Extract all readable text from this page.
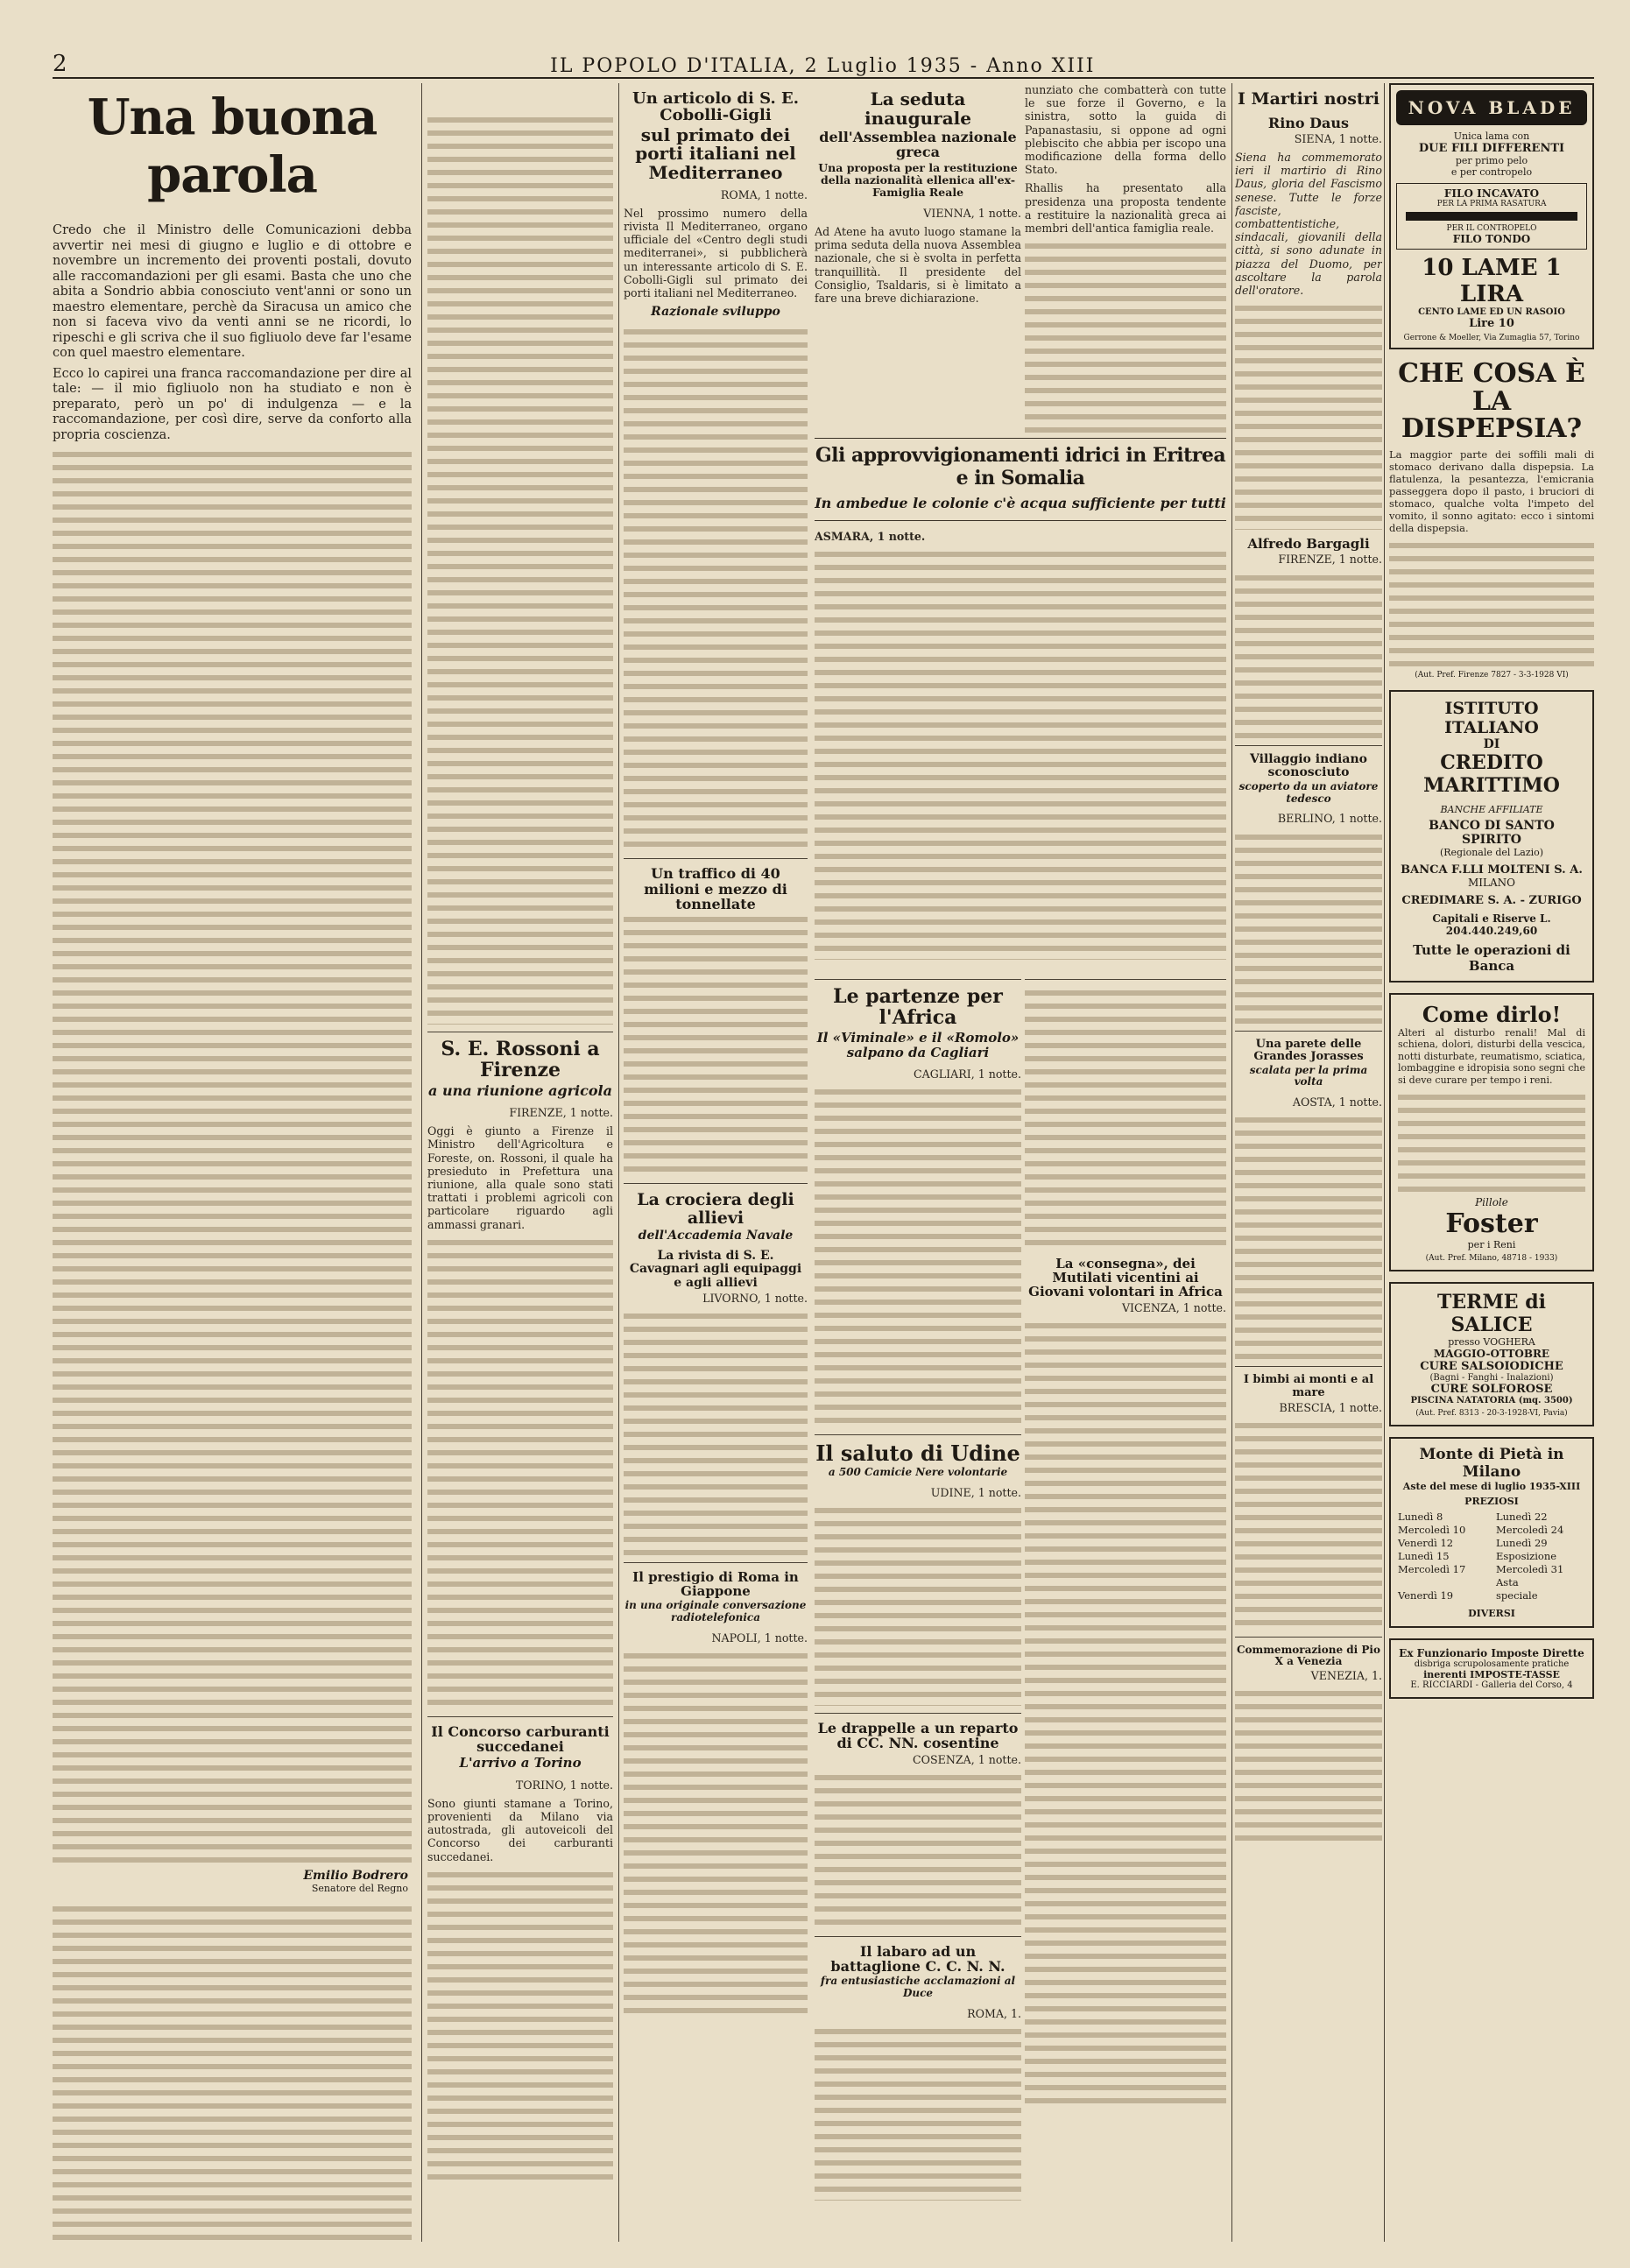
2	IL POPOLO D'ITALIA, 2 Luglio 1935 - Anno XIII
Una buona parola

Credo che il Ministro delle Comunicazioni debba avvertir nei mesi di giugno e luglio e di ottobre e novembre un incremento dei proventi postali, dovuto alle raccomandazioni per gli esami. Basta che uno che abita a Sondrio abbia conosciuto vent'anni or sono un maestro elementare, perchè da Siracusa un amico che non si faceva vivo da venti anni se ne ricordi, lo ripeschi e gli scriva che il suo figliuolo deve far l'esame con quel maestro elementare.

Ecco lo capirei una franca raccomandazione per dire al tale: — il mio figliuolo non ha studiato e non è preparato, però un po' di indulgenza — e la raccomandazione, per così dire, serve da conforto alla propria coscienza.

Emilio Bodrero
Senatore del Regno
S. E. Rossoni a Firenze
a una riunione agricola
FIRENZE, 1 notte.

Oggi è giunto a Firenze il Ministro dell'Agricoltura e Foreste, on. Rossoni, il quale ha presieduto in Prefettura una riunione, alla quale sono stati trattati i problemi agricoli con particolare riguardo agli ammassi granari.

Il Concorso carburanti succedanei
L'arrivo a Torino
TORINO, 1 notte.

Sono giunti stamane a Torino, provenienti da Milano via autostrada, gli autoveicoli del Concorso dei carburanti succedanei.

Un articolo di S. E. Cobolli-Gigli
sul primato dei porti italiani nel Mediterraneo
ROMA, 1 notte.

Nel prossimo numero della rivista Il Mediterraneo, organo ufficiale del «Centro degli studi mediterranei», si pubblicherà un interessante articolo di S. E. Cobolli-Gigli sul primato dei porti italiani nel Mediterraneo.

Razionale sviluppo
Un traffico di 40 milioni e mezzo di tonnellate
La crociera degli allievi
dell'Accademia Navale
La rivista di S. E. Cavagnari agli equipaggi e agli allievi
LIVORNO, 1 notte.
Il prestigio di Roma in Giappone
in una originale conversazione radiotelefonica
NAPOLI, 1 notte.
La seduta inaugurale
dell'Assemblea nazionale greca
Una proposta per la restituzione della nazionalità ellenica all'ex-Famiglia Reale
VIENNA, 1 notte.

Ad Atene ha avuto luogo stamane la prima seduta della nuova Assemblea nazionale, che si è svolta in perfetta tranquillità. Il presidente del Consiglio, Tsaldaris, si è limitato a fare una breve dichiarazione.

nunziato che combatterà con tutte le sue forze il Governo, e la sinistra, sotto la guida di Papanastasiu, si oppone ad ogni plebiscito che abbia per iscopo una modificazione della forma dello Stato.

Rhallis ha presentato alla presidenza una proposta tendente a restituire la nazionalità greca ai membri dell'antica famiglia reale.

Gli approvvigionamenti idrici in Eritrea e in Somalia
In ambedue le colonie c'è acqua sufficiente per tutti
ASMARA, 1 notte.
Le partenze per l'Africa
Il «Viminale» e il «Romolo» salpano da Cagliari
CAGLIARI, 1 notte.
Il saluto di Udine
a 500 Camicie Nere volontarie
UDINE, 1 notte.
Le drappelle a un reparto di CC. NN. cosentine
COSENZA, 1 notte.
Il labaro ad un battaglione C. C. N. N.
fra entusiastiche acclamazioni al Duce
ROMA, 1.
La «consegna», dei Mutilati vicentini ai Giovani volontari in Africa
VICENZA, 1 notte.
I Martiri nostri
Rino Daus
SIENA, 1 notte.

Siena ha commemorato ieri il martirio di Rino Daus, gloria del Fascismo senese. Tutte le forze fasciste, combattentistiche, sindacali, giovanili della città, si sono adunate in piazza del Duomo, per ascoltare la parola dell'oratore.

Alfredo Bargagli
FIRENZE, 1 notte.
Villaggio indiano sconosciuto
scoperto da un aviatore tedesco
BERLINO, 1 notte.
Una parete delle Grandes Jorasses
scalata per la prima volta
AOSTA, 1 notte.
I bimbi ai monti e al mare
BRESCIA, 1 notte.
Commemorazione di Pio X a Venezia
VENEZIA, 1.
NOVA BLADE
Unica lama con
DUE FILI DIFFERENTI
per primo pelo
e per contropelo
FILO INCAVATO
PER LA PRIMA RASATURA
PER IL CONTROPELO
FILO TONDO
10 LAME 1 LIRA
CENTO LAME ED UN RASOIO
Lire 10
Gerrone & Moeller, Via Zumaglia 57, Torino
CHE COSA È LA DISPEPSIA?

La maggior parte dei soffili mali di stomaco derivano dalla dispepsia. La flatulenza, la pesantezza, l'emicrania passeggera dopo il pasto, i bruciori di stomaco, qualche volta l'impeto del vomito, il sonno agitato: ecco i sintomi della dispepsia.

(Aut. Pref. Firenze 7827 - 3-3-1928 VI)
ISTITUTO ITALIANO
DI
CREDITO MARITTIMO
BANCHE AFFILIATE
BANCO DI SANTO SPIRITO
(Regionale del Lazio)
BANCA F.LLI MOLTENI S. A.
MILANO
CREDIMARE S. A. - ZURIGO
Capitali e Riserve L. 204.440.249,60
Tutte le operazioni di Banca
Come dirlo!

Alteri al disturbo renali! Mal di schiena, dolori, disturbi della vescica, notti disturbate, reumatismo, sciatica, lombaggine e idropisia sono segni che si deve curare per tempo i reni.

Pillole
Foster
per i Reni
(Aut. Pref. Milano, 48718 - 1933)
TERME di SALICE
presso VOGHERA
MAGGIO-OTTOBRE
CURE SALSOIODICHE
(Bagni - Fanghi - Inalazioni)
CURE SOLFOROSE
PISCINA NATATORIA (mq. 3500)
(Aut. Pref. 8313 - 20-3-1928-VI, Pavia)
Monte di Pietà in Milano
Aste del mese di luglio 1935-XIII
PREZIOSI
Lunedì 8	Lunedì 22
Mercoledì 10	Mercoledì 24
Venerdì 12	Lunedì 29
Lunedì 15	Esposizione
Mercoledì 17	Mercoledì 31 Asta
Venerdì 19	speciale
DIVERSI
Ex Funzionario Imposte Dirette
disbriga scrupolosamente pratiche
inerenti IMPOSTE-TASSE
E. RICCIARDI - Galleria del Corso, 4
